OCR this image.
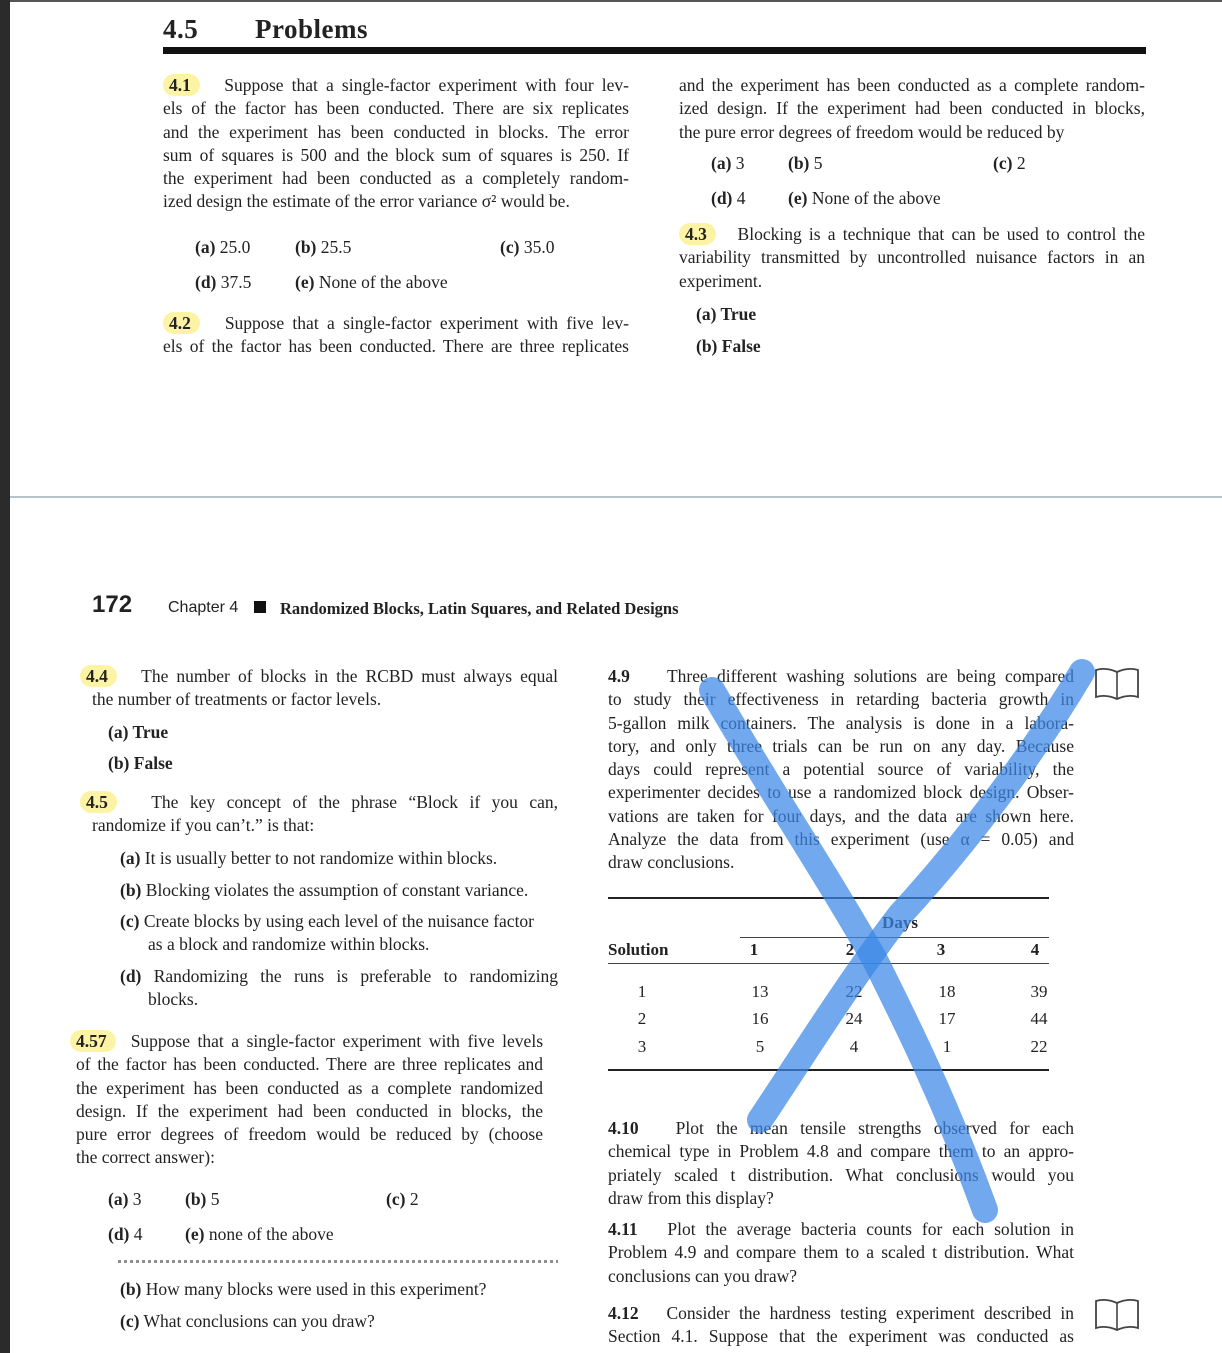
4.5 Problems
4.1 Suppose that a single-factor experiment with four lev-
els of the factor has been conducted. There are six replicates
and the experiment has been conducted in blocks. The error
sum of squares is 500 and the block sum of squares is 250. If
the experiment had been conducted as a completely random-
ized design the estimate of the error variance σ² would be.
(a) 25.0	(b) 25.5	(c) 35.0
(d) 37.5 (e) None of the above
4.2 Suppose that a single-factor experiment with five lev-
els of the factor has been conducted. There are three replicates
and the experiment has been conducted as a complete random-
ized design. If the experiment had been conducted in blocks,
the pure error degrees of freedom would be reduced by
(a) 3 (b) 5	(c) 2
(d) 4 (e) None of the above
4.3 Blocking is a technique that can be used to control the
variability transmitted by uncontrolled nuisance factors in an
experiment.
(a) True
(b) False
172 Chapter 4	Randomized Blocks, Latin Squares, and Related Designs
4.4 The number of blocks in the RCBD must always equal
the number of treatments or factor levels.
(a) True
(b) False
4.5 The key concept of the phrase “Block if you can,
randomize if you can’t.” is that:
(a) It is usually better to not randomize within blocks.
(b) Blocking violates the assumption of constant variance.
(c) Create blocks by using each level of the nuisance factor
as a block and randomize within blocks.
(d) Randomizing the runs is preferable to randomizing
blocks.
4.57 Suppose that a single-factor experiment with five levels
of the factor has been conducted. There are three replicates and
the experiment has been conducted as a complete randomized
design. If the experiment had been conducted in blocks, the
pure error degrees of freedom would be reduced by (choose
the correct answer):
(a) 3 (b) 5	(c) 2
(d) 4 (e) none of the above
(b) How many blocks were used in this experiment?
(c) What conclusions can you draw?
4.9 Three different washing solutions are being compared
to study their effectiveness in retarding bacteria growth in
5-gallon milk containers. The analysis is done in a labora-
tory, and only three trials can be run on any day. Because
days could represent a potential source of variability, the
experimenter decides to use a randomized block design. Obser-
vations are taken for four days, and the data are shown here.
Analyze the data from this experiment (use α = 0.05) and
draw conclusions.
Days
Solution	1	2	3	4
1	13	22	18	39
2	16	24	17	44
3	5	4	1	22
4.10 Plot the mean tensile strengths observed for each
chemical type in Problem 4.8 and compare them to an appro-
priately scaled t distribution. What conclusions would you
draw from this display?
4.11 Plot the average bacteria counts for each solution in
Problem 4.9 and compare them to a scaled t distribution. What
conclusions can you draw?
4.12 Consider the hardness testing experiment described in
Section 4.1. Suppose that the experiment was conducted as
